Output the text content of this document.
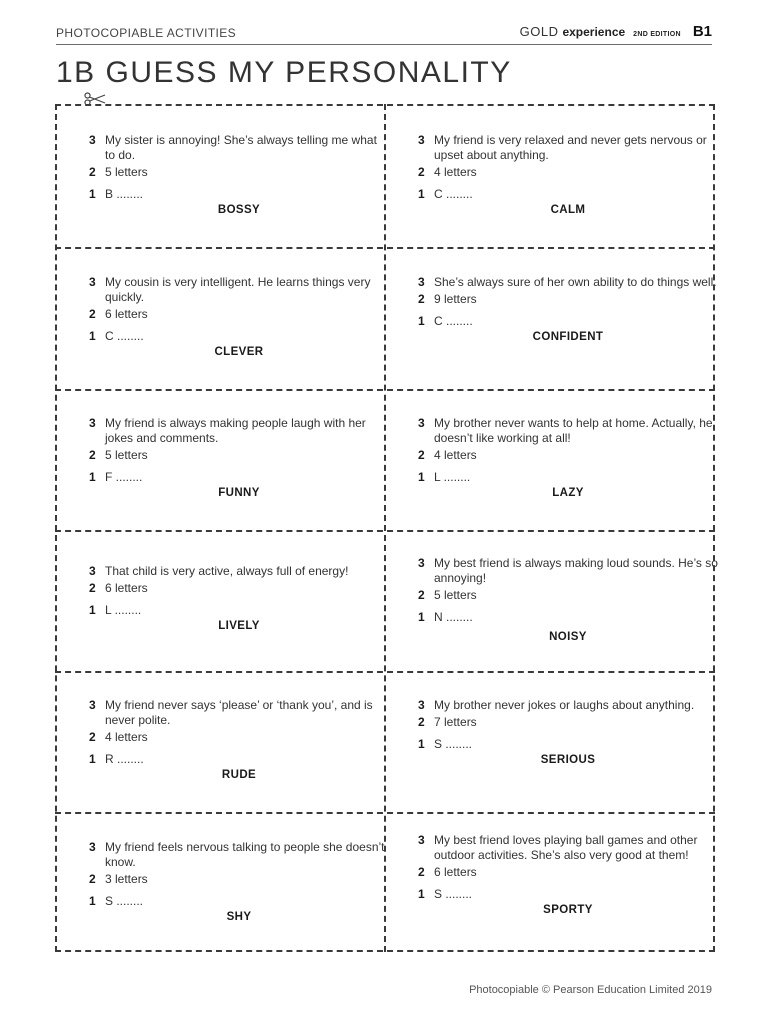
PHOTOCOPIABLE ACTIVITIES	GOLD experience 2ND EDITION B1
1B GUESS MY PERSONALITY
3 My sister is annoying! She’s always telling me what to do.
2 5 letters
1 B ........
BOSSY
3 My friend is very relaxed and never gets nervous or upset about anything.
2 4 letters
1 C ........
CALM
3 My cousin is very intelligent. He learns things very quickly.
2 6 letters
1 C ........
CLEVER
3 She’s always sure of her own ability to do things well.
2 9 letters
1 C ........
CONFIDENT
3 My friend is always making people laugh with her jokes and comments.
2 5 letters
1 F ........
FUNNY
3 My brother never wants to help at home. Actually, he doesn’t like working at all!
2 4 letters
1 L ........
LAZY
3 That child is very active, always full of energy!
2 6 letters
1 L ........
LIVELY
3 My best friend is always making loud sounds. He’s so annoying!
2 5 letters
1 N ........
NOISY
3 My friend never says ‘please’ or ‘thank you’, and is never polite.
2 4 letters
1 R ........
RUDE
3 My brother never jokes or laughs about anything.
2 7 letters
1 S ........
SERIOUS
3 My friend feels nervous talking to people she doesn’t know.
2 3 letters
1 S ........
SHY
3 My best friend loves playing ball games and other outdoor activities. She’s also very good at them!
2 6 letters
1 S ........
SPORTY
Photocopiable © Pearson Education Limited 2019
